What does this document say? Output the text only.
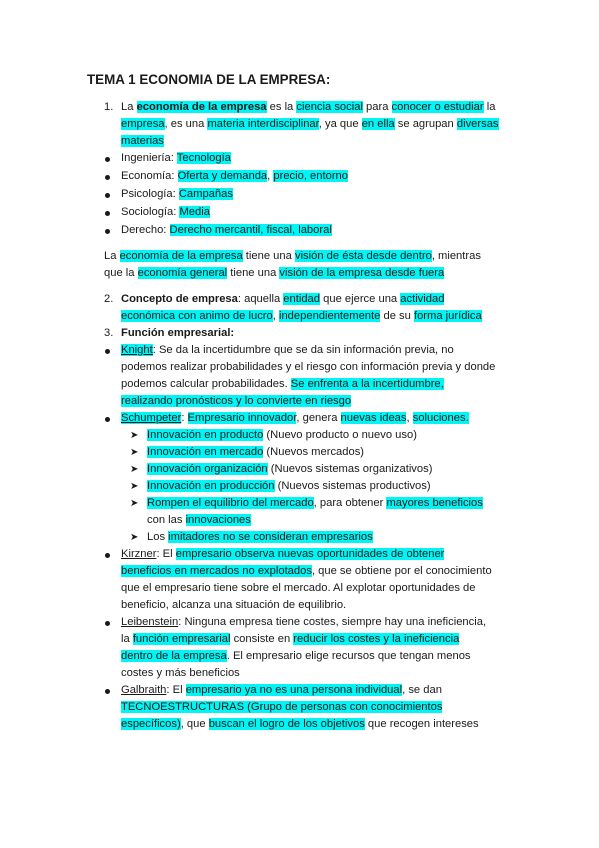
TEMA 1 ECONOMIA DE LA EMPRESA:
1. La economía de la empresa es la ciencia social para conocer o estudiar la
empresa, es una materia interdisciplinar, ya que en ella se agrupan diversas
materias
Ingeniería: Tecnología
Economía: Oferta y demanda, precio, entorno
Psicología: Campañas
Sociología: Media
Derecho: Derecho mercantil, fiscal, laboral
La economía de la empresa tiene una visión de ésta desde dentro, mientras
que la economía general tiene una visión de la empresa desde fuera
2. Concepto de empresa: aquella entidad que ejerce una actividad
económica con animo de lucro, independientemente de su forma jurídica
3. Función empresarial:
Knight: Se da la incertidumbre que se da sin información previa, no
podemos realizar probabilidades y el riesgo con información previa y donde
podemos calcular probabilidades. Se enfrenta a la incertidumbre,
realizando pronósticos y lo convierte en riesgo
Schumpeter: Empresario innovador, genera nuevas ideas, soluciones.
➤ Innovación en producto (Nuevo producto o nuevo uso)
➤ Innovación en mercado (Nuevos mercados)
➤ Innovación organización (Nuevos sistemas organizativos)
➤ Innovación en producción (Nuevos sistemas productivos)
➤ Rompen el equilibrio del mercado, para obtener mayores beneficios
con las innovaciones
➤ Los imitadores no se consideran empresarios
Kirzner: El empresario observa nuevas oportunidades de obtener
beneficios en mercados no explotados, que se obtiene por el conocimiento
que el empresario tiene sobre el mercado. Al explotar oportunidades de
beneficio, alcanza una situación de equilibrio.
Leibenstein: Ninguna empresa tiene costes, siempre hay una ineficiencia,
la función empresarial consiste en reducir los costes y la ineficiencia
dentro de la empresa. El empresario elige recursos que tengan menos
costes y más beneficios
Galbraith: El empresario ya no es una persona individual, se dan
TECNOESTRUCTURAS (Grupo de personas con conocimientos
específicos), que buscan el logro de los objetivos que recogen intereses
